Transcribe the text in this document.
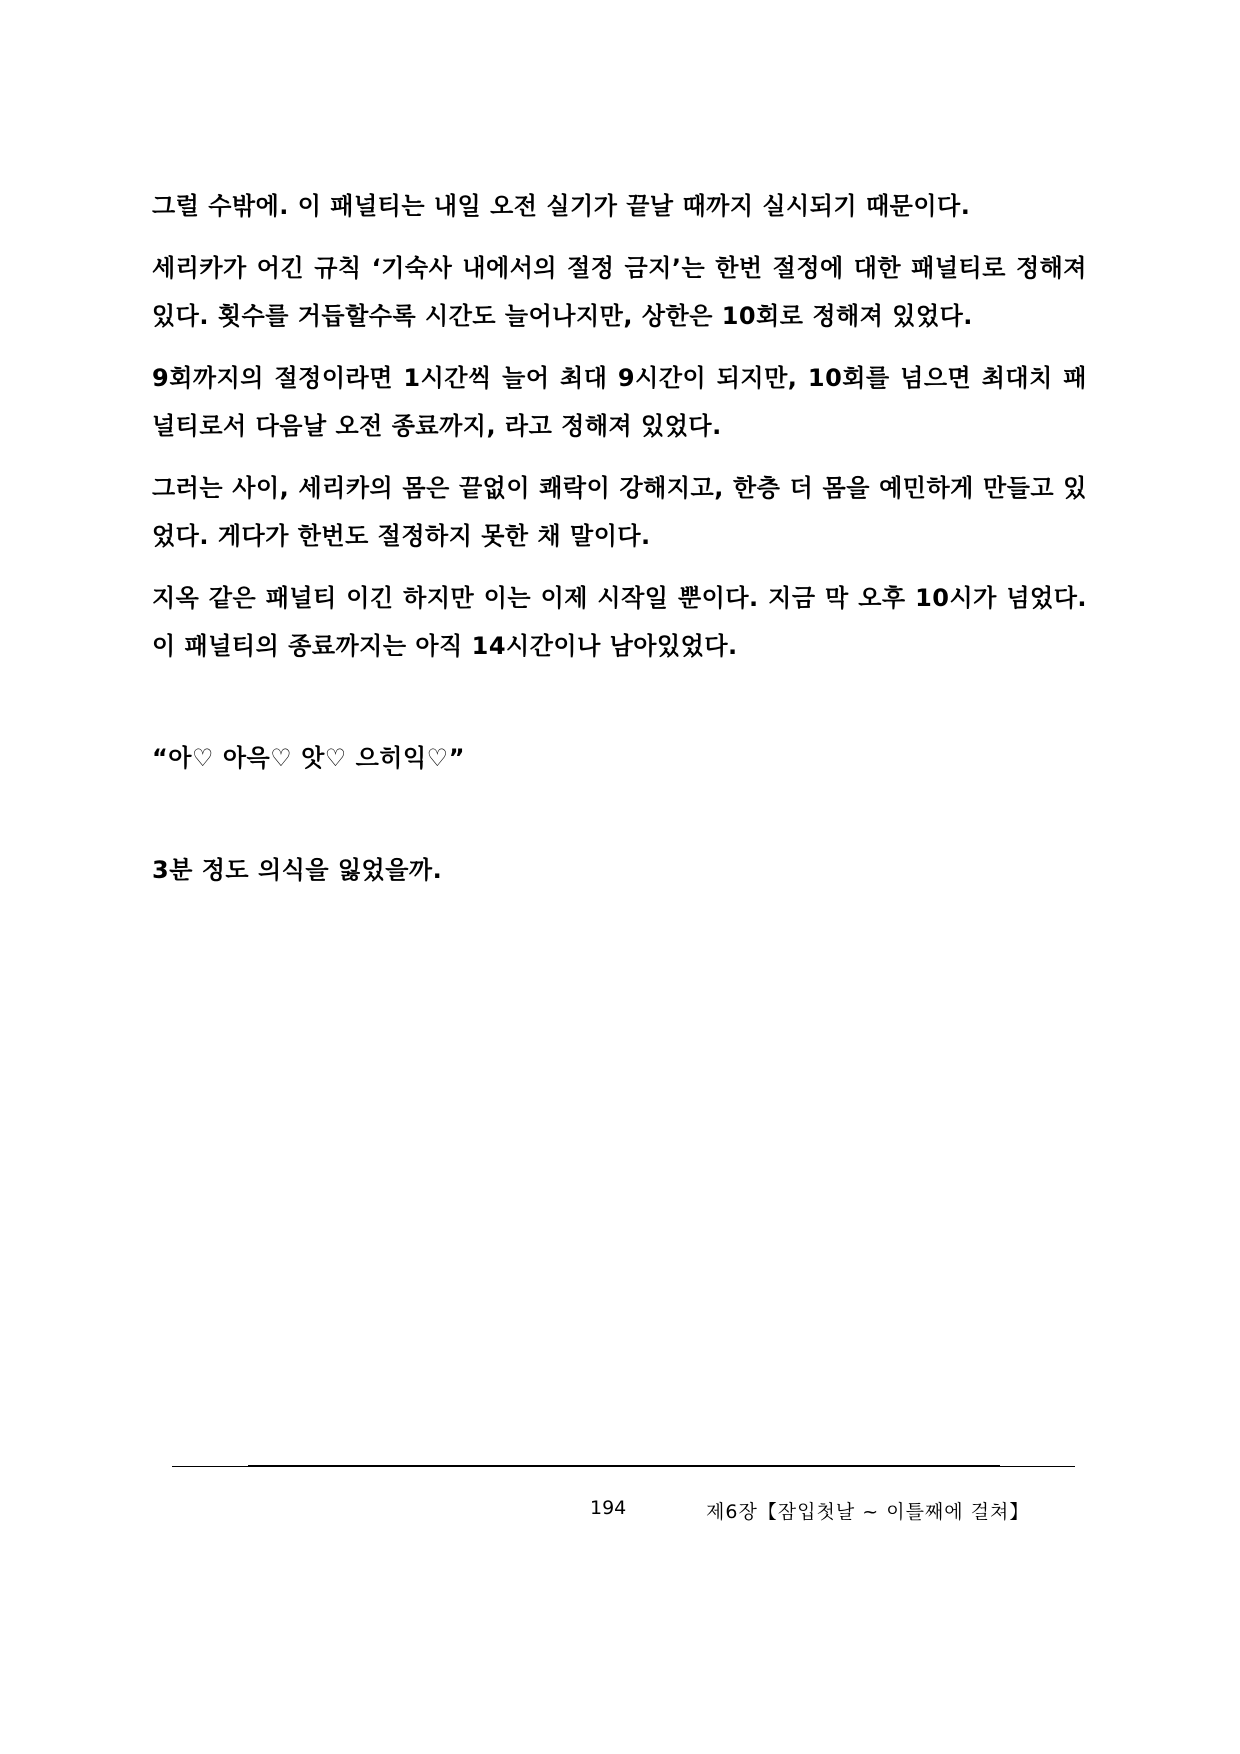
그럴 수밖에. 이 패널티는 내일 오전 실기가 끝날 때까지 실시되기 때문이다.

세리카가 어긴 규칙 ‘기숙사 내에서의 절정 금지’는 한번 절정에 대한 패널티로 정해져 있다. 횟수를 거듭할수록 시간도 늘어나지만, 상한은 10회로 정해져 있었다.

9회까지의 절정이라면 1시간씩 늘어 최대 9시간이 되지만, 10회를 넘으면 최대치 패널티로서 다음날 오전 종료까지, 라고 정해져 있었다.

그러는 사이, 세리카의 몸은 끝없이 쾌락이 강해지고, 한층 더 몸을 예민하게 만들고 있었다. 게다가 한번도 절정하지 못한 채 말이다.

지옥 같은 패널티 이긴 하지만 이는 이제 시작일 뿐이다. 지금 막 오후 10시가 넘었다. 이 패널티의 종료까지는 아직 14시간이나 남아있었다.

“아♡ 아윽♡ 앗♡ 으히익♡”

3분 정도 의식을 잃었을까.

194	제6장【잠입첫날 ~ 이틀째에 걸쳐】
